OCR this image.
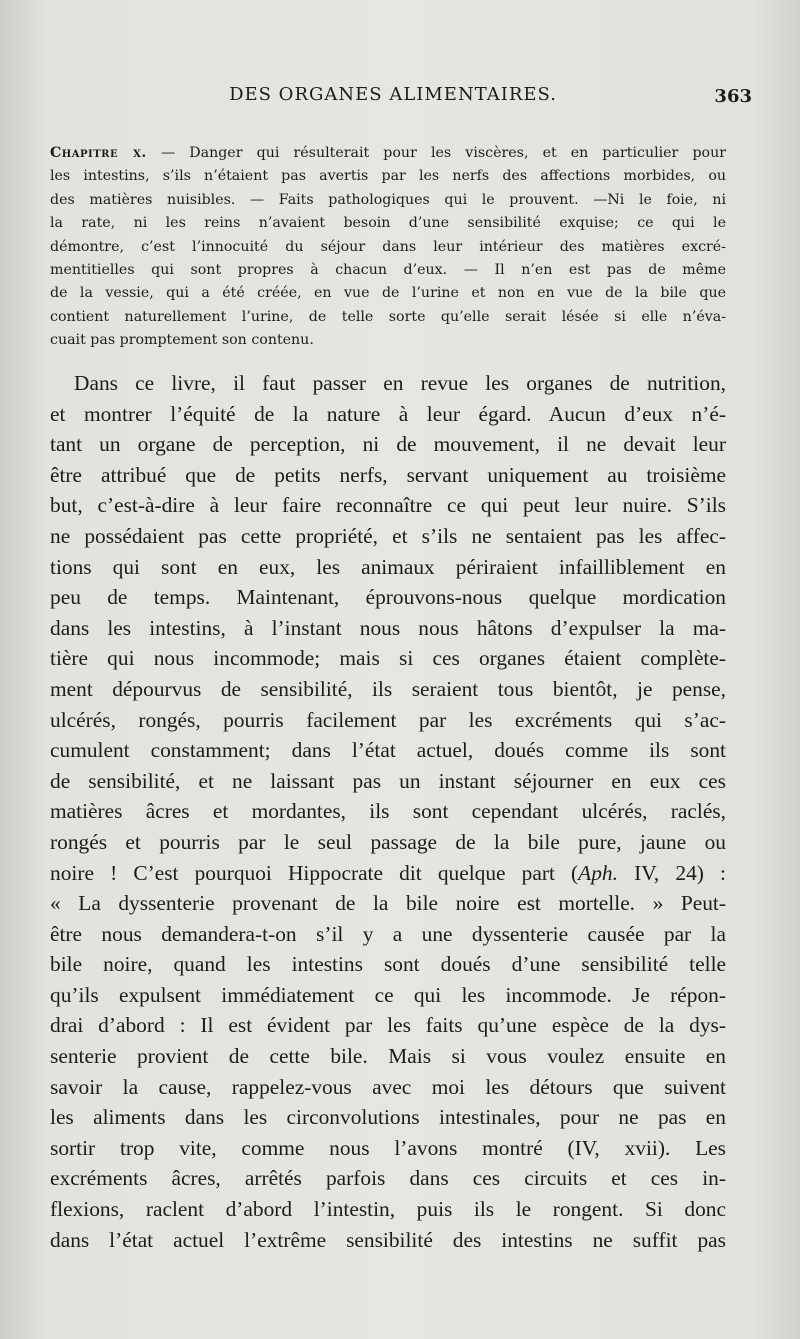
DES ORGANES ALIMENTAIRES.	363
Chapitre x. — Danger qui résulterait pour les viscères, et en particulier pour
les intestins, s’ils n’étaient pas avertis par les nerfs des affections morbides, ou
des matières nuisibles. — Faits pathologiques qui le prouvent. —Ni le foie, ni
la rate, ni les reins n’avaient besoin d’une sensibilité exquise; ce qui le
démontre, c’est l’innocuité du séjour dans leur intérieur des matières excré-
mentitielles qui sont propres à chacun d’eux. — Il n’en est pas de même
de la vessie, qui a été créée, en vue de l’urine et non en vue de la bile que
contient naturellement l’urine, de telle sorte qu’elle serait lésée si elle n’éva-
cuait pas promptement son contenu.
Dans ce livre, il faut passer en revue les organes de nutrition,
et montrer l’équité de la nature à leur égard. Aucun d’eux n’é-
tant un organe de perception, ni de mouvement, il ne devait leur
être attribué que de petits nerfs, servant uniquement au troisième
but, c’est-à-dire à leur faire reconnaître ce qui peut leur nuire. S’ils
ne possédaient pas cette propriété, et s’ils ne sentaient pas les affec-
tions qui sont en eux, les animaux périraient infailliblement en
peu de temps. Maintenant, éprouvons-nous quelque mordication
dans les intestins, à l’instant nous nous hâtons d’expulser la ma-
tière qui nous incommode; mais si ces organes étaient complète-
ment dépourvus de sensibilité, ils seraient tous bientôt, je pense,
ulcérés, rongés, pourris facilement par les excréments qui s’ac-
cumulent constamment; dans l’état actuel, doués comme ils sont
de sensibilité, et ne laissant pas un instant séjourner en eux ces
matières âcres et mordantes, ils sont cependant ulcérés, raclés,
rongés et pourris par le seul passage de la bile pure, jaune ou
noire ! C’est pourquoi Hippocrate dit quelque part (Aph. IV, 24) :
« La dyssenterie provenant de la bile noire est mortelle. » Peut-
être nous demandera-t-on s’il y a une dyssenterie causée par la
bile noire, quand les intestins sont doués d’une sensibilité telle
qu’ils expulsent immédiatement ce qui les incommode. Je répon-
drai d’abord : Il est évident par les faits qu’une espèce de la dys-
senterie provient de cette bile. Mais si vous voulez ensuite en
savoir la cause, rappelez-vous avec moi les détours que suivent
les aliments dans les circonvolutions intestinales, pour ne pas en
sortir trop vite, comme nous l’avons montré (IV, xvii). Les
excréments âcres, arrêtés parfois dans ces circuits et ces in-
flexions, raclent d’abord l’intestin, puis ils le rongent. Si donc
dans l’état actuel l’extrême sensibilité des intestins ne suffit pas
